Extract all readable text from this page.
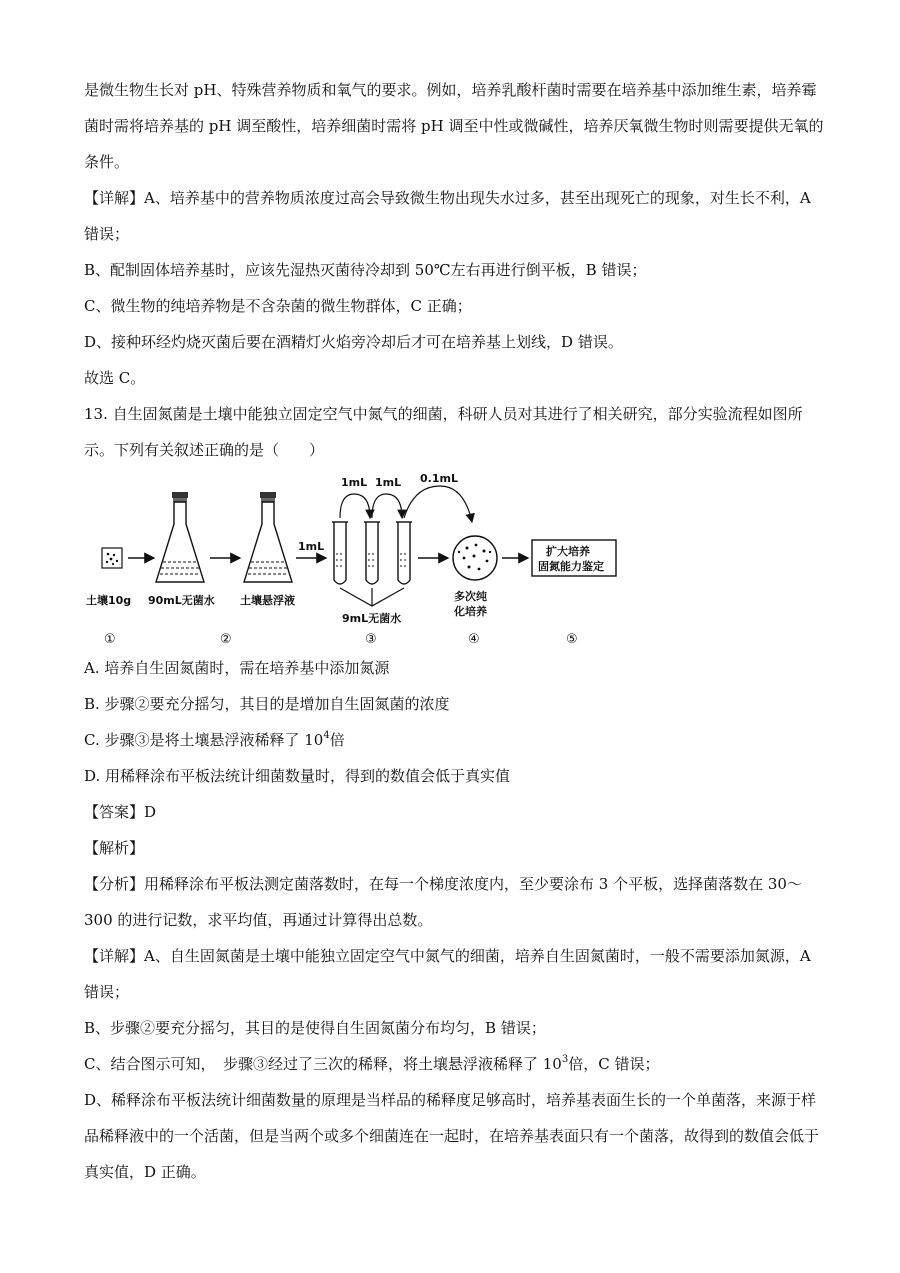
是微生物生长对 pH、特殊营养物质和氧气的要求。例如，培养乳酸杆菌时需要在培养基中添加维生素，培养霉菌时需将培养基的 pH 调至酸性，培养细菌时需将 pH 调至中性或微碱性，培养厌氧微生物时则需要提供无氧的条件。

【详解】A、培养基中的营养物质浓度过高会导致微生物出现失水过多，甚至出现死亡的现象，对生长不利，A 错误；

B、配制固体培养基时，应该先湿热灭菌待冷却到 50℃左右再进行倒平板，B 错误；

C、微生物的纯培养物是不含杂菌的微生物群体，C 正确；

D、接种环经灼烧灭菌后要在酒精灯火焰旁冷却后才可在培养基上划线，D 错误。

故选 C。

13. 自生固氮菌是土壤中能独立固定空气中氮气的细菌，科研人员对其进行了相关研究，部分实验流程如图所示。下列有关叙述正确的是（　　）

1mL
1mL 1mL 0.1mL
9mL无菌水
多次纯
化培养
扩大培养
固氮能力鉴定
土壤10g 90mL无菌水 土壤悬浮液
①	②	③	④	⑤

A. 培养自生固氮菌时，需在培养基中添加氮源

B. 步骤②要充分摇匀，其目的是增加自生固氮菌的浓度

C. 步骤③是将土壤悬浮液稀释了 $10^4$倍

D. 用稀释涂布平板法统计细菌数量时，得到的数值会低于真实值

【答案】D

【解析】

【分析】用稀释涂布平板法测定菌落数时，在每一个梯度浓度内，至少要涂布 3 个平板，选择菌落数在 30～300 的进行记数，求平均值，再通过计算得出总数。

【详解】A、自生固氮菌是土壤中能独立固定空气中氮气的细菌，培养自生固氮菌时，一般不需要添加氮源，A 错误；

B、步骤②要充分摇匀，其目的是使得自生固氮菌分布均匀，B 错误；

C、结合图示可知，　步骤③经过了三次的稀释，将土壤悬浮液稀释了 $10^3$倍，C 错误；

D、稀释涂布平板法统计细菌数量的原理是当样品的稀释度足够高时，培养基表面生长的一个单菌落，来源于样品稀释液中的一个活菌，但是当两个或多个细菌连在一起时，在培养基表面只有一个菌落，故得到的数值会低于真实值，D 正确。
